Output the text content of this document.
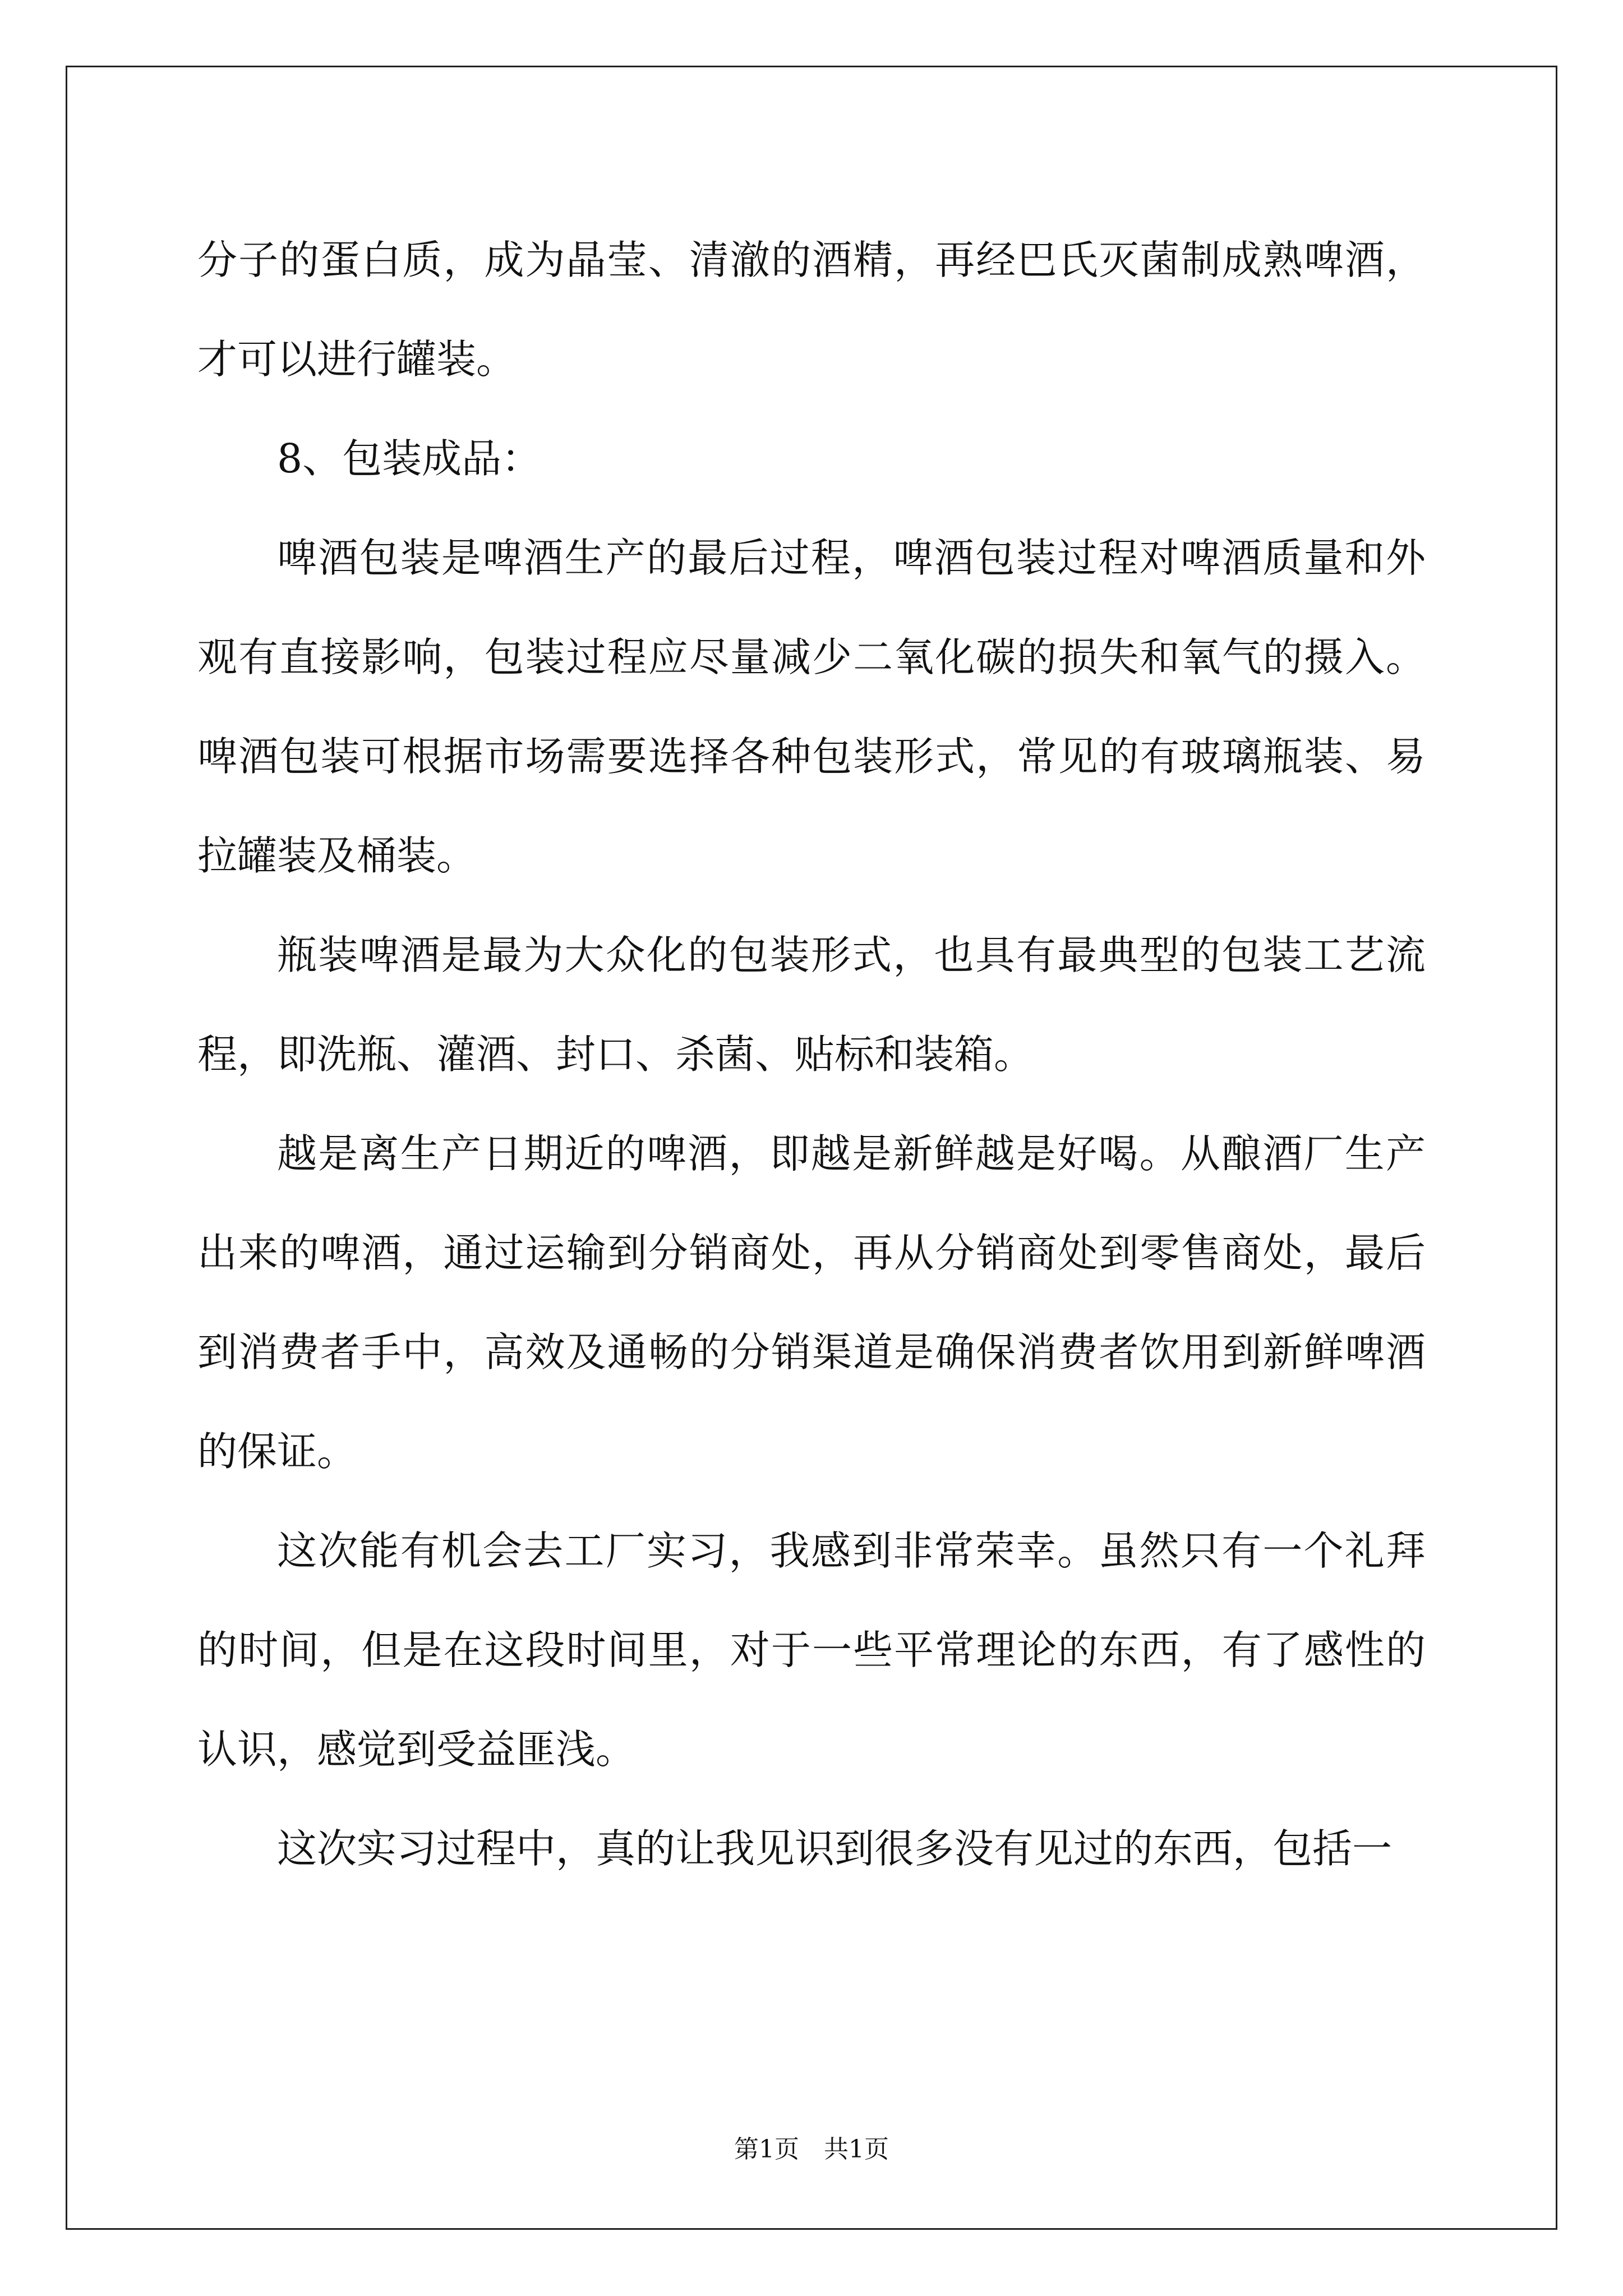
分子的蛋白质，成为晶莹、清澈的酒精，再经巴氏灭菌制成熟啤酒，才可以进行罐装。

8、包装成品：

啤酒包装是啤酒生产的最后过程，啤酒包装过程对啤酒质量和外观有直接影响，包装过程应尽量减少二氧化碳的损失和氧气的摄入。啤酒包装可根据市场需要选择各种包装形式，常见的有玻璃瓶装、易拉罐装及桶装。

瓶装啤酒是最为大众化的包装形式，也具有最典型的包装工艺流程，即洗瓶、灌酒、封口、杀菌、贴标和装箱。

越是离生产日期近的啤酒，即越是新鲜越是好喝。从酿酒厂生产出来的啤酒，通过运输到分销商处，再从分销商处到零售商处，最后到消费者手中，高效及通畅的分销渠道是确保消费者饮用到新鲜啤酒的保证。

这次能有机会去工厂实习，我感到非常荣幸。虽然只有一个礼拜的时间，但是在这段时间里，对于一些平常理论的东西，有了感性的认识，感觉到受益匪浅。

这次实习过程中，真的让我见识到很多没有见过的东西，包括一

第1页　共1页
